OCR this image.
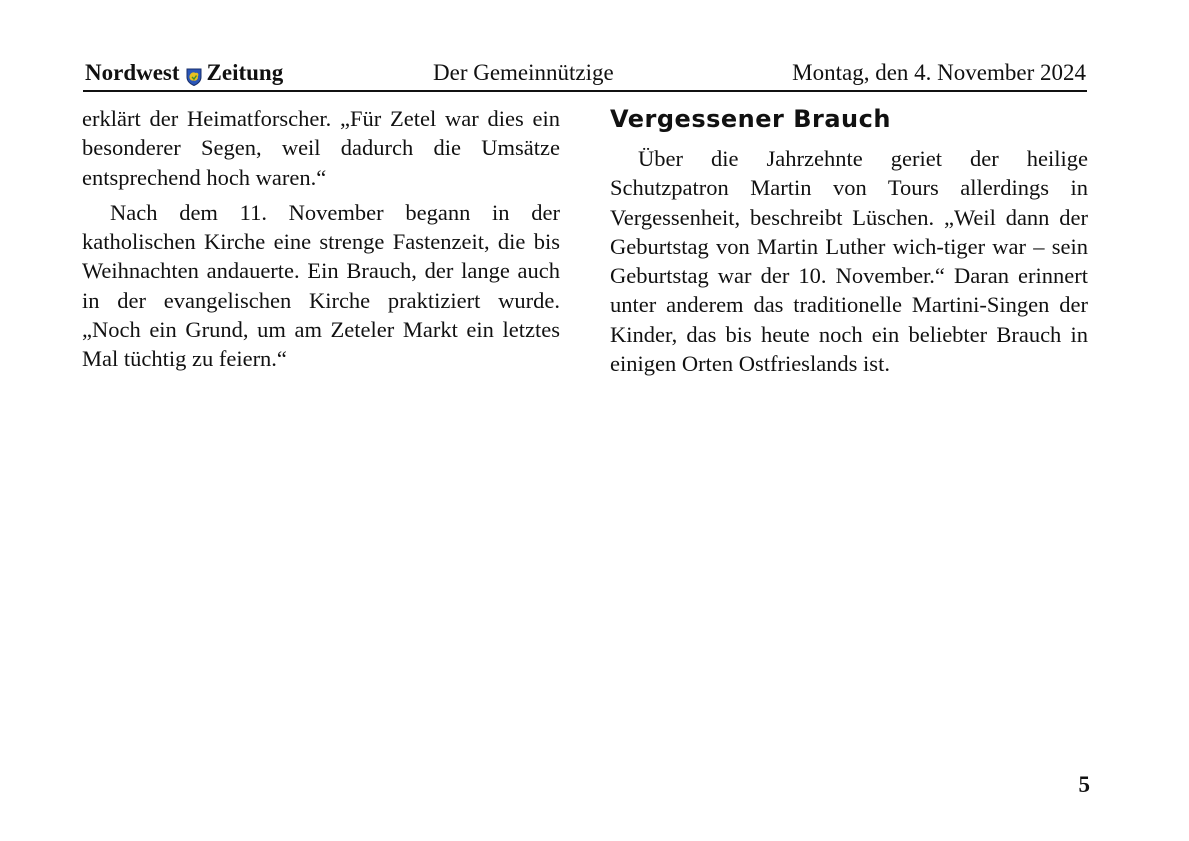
Nordwest Zeitung	Der Gemeinnützige	Montag, den 4. November 2024

erklärt der Heimatforscher. „Für Zetel war dies ein besonderer Segen, weil dadurch die Umsätze entsprechend hoch waren.“

Nach dem 11. November begann in der katholischen Kirche eine strenge Fastenzeit, die bis Weihnachten andauerte. Ein Brauch, der lange auch in der evangelischen Kirche praktiziert wurde. „Noch ein Grund, um am Zeteler Markt ein letztes Mal tüchtig zu feiern.“

Vergessener Brauch

Über die Jahrzehnte geriet der heilige Schutzpatron Martin von Tours allerdings in Vergessenheit, beschreibt Lüschen. „Weil dann der Geburtstag von Martin Luther wich-tiger war – sein Geburtstag war der 10. November.“ Daran erinnert unter anderem das traditionelle Martini-Singen der Kinder, das bis heute noch ein beliebter Brauch in einigen Orten Ostfrieslands ist.

5
